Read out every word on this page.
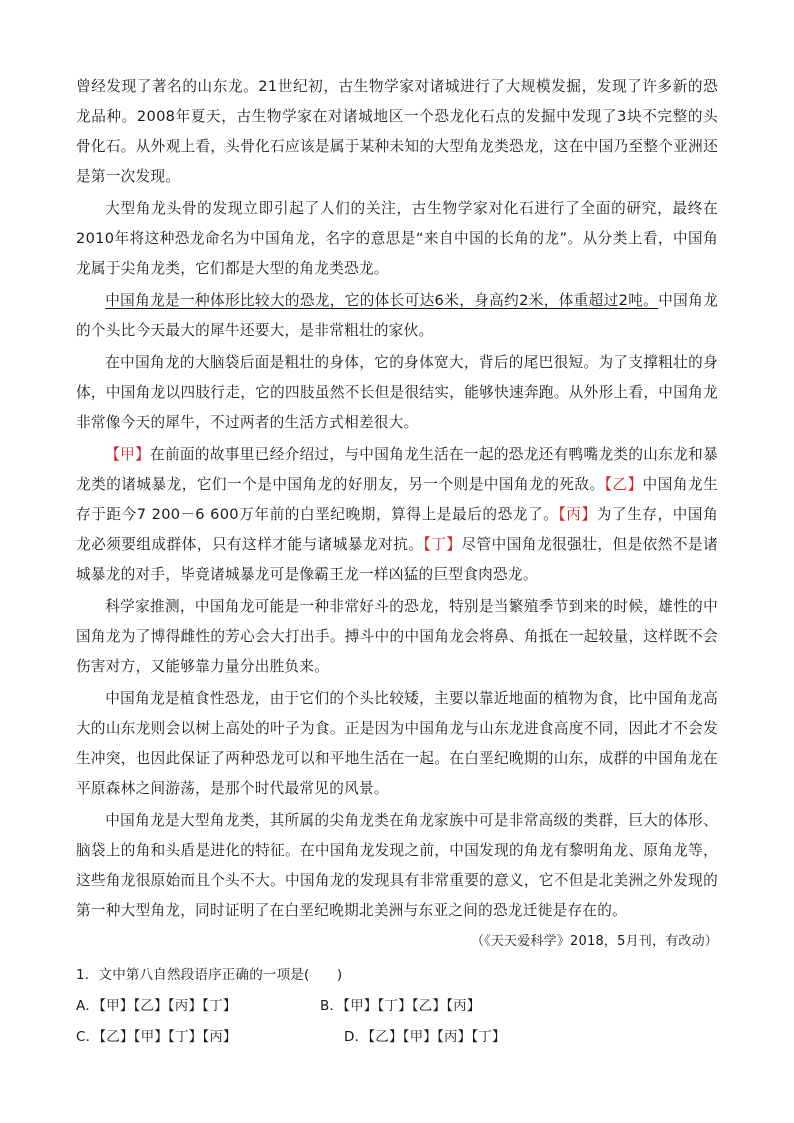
曾经发现了著名的山东龙。21世纪初，古生物学家对诸城进行了大规模发掘，发现了许多新的恐龙品种。2008年夏天，古生物学家在对诸城地区一个恐龙化石点的发掘中发现了3块不完整的头骨化石。从外观上看，头骨化石应该是属于某种未知的大型角龙类恐龙，这在中国乃至整个亚洲还是第一次发现。

大型角龙头骨的发现立即引起了人们的关注，古生物学家对化石进行了全面的研究，最终在2010年将这种恐龙命名为中国角龙，名字的意思是“来自中国的长角的龙”。从分类上看，中国角龙属于尖角龙类，它们都是大型的角龙类恐龙。

中国角龙是一种体形比较大的恐龙，它的体长可达6米，身高约2米，体重超过2吨。中国角龙的个头比今天最大的犀牛还要大，是非常粗壮的家伙。

在中国角龙的大脑袋后面是粗壮的身体，它的身体宽大，背后的尾巴很短。为了支撑粗壮的身体，中国角龙以四肢行走，它的四肢虽然不长但是很结实，能够快速奔跑。从外形上看，中国角龙非常像今天的犀牛，不过两者的生活方式相差很大。

【甲】在前面的故事里已经介绍过，与中国角龙生活在一起的恐龙还有鸭嘴龙类的山东龙和暴龙类的诸城暴龙，它们一个是中国角龙的好朋友，另一个则是中国角龙的死敌。【乙】中国角龙生存于距今7 200－6 600万年前的白垩纪晚期，算得上是最后的恐龙了。【丙】为了生存，中国角龙必须要组成群体，只有这样才能与诸城暴龙对抗。【丁】尽管中国角龙很强壮，但是依然不是诸城暴龙的对手，毕竟诸城暴龙可是像霸王龙一样凶猛的巨型食肉恐龙。

科学家推测，中国角龙可能是一种非常好斗的恐龙，特别是当繁殖季节到来的时候，雄性的中国角龙为了博得雌性的芳心会大打出手。搏斗中的中国角龙会将鼻、角抵在一起较量，这样既不会伤害对方，又能够靠力量分出胜负来。

中国角龙是植食性恐龙，由于它们的个头比较矮，主要以靠近地面的植物为食，比中国角龙高大的山东龙则会以树上高处的叶子为食。正是因为中国角龙与山东龙进食高度不同，因此才不会发生冲突，也因此保证了两种恐龙可以和平地生活在一起。在白垩纪晚期的山东，成群的中国角龙在平原森林之间游荡，是那个时代最常见的风景。

中国角龙是大型角龙类，其所属的尖角龙类在角龙家族中可是非常高级的类群，巨大的体形、脑袋上的角和头盾是进化的特征。在中国角龙发现之前，中国发现的角龙有黎明角龙、原角龙等，这些角龙很原始而且个头不大。中国角龙的发现具有非常重要的意义，它不但是北美洲之外发现的第一种大型角龙，同时证明了在白垩纪晚期北美洲与东亚之间的恐龙迁徙是存在的。

（《天天爱科学》2018，5月刊，有改动）

1．文中第八自然段语序正确的一项是(　　)

A．【甲】【乙】【丙】【丁】	B．【甲】【丁】【乙】【丙】
C．【乙】【甲】【丁】【丙】	D．【乙】【甲】【丙】【丁】
